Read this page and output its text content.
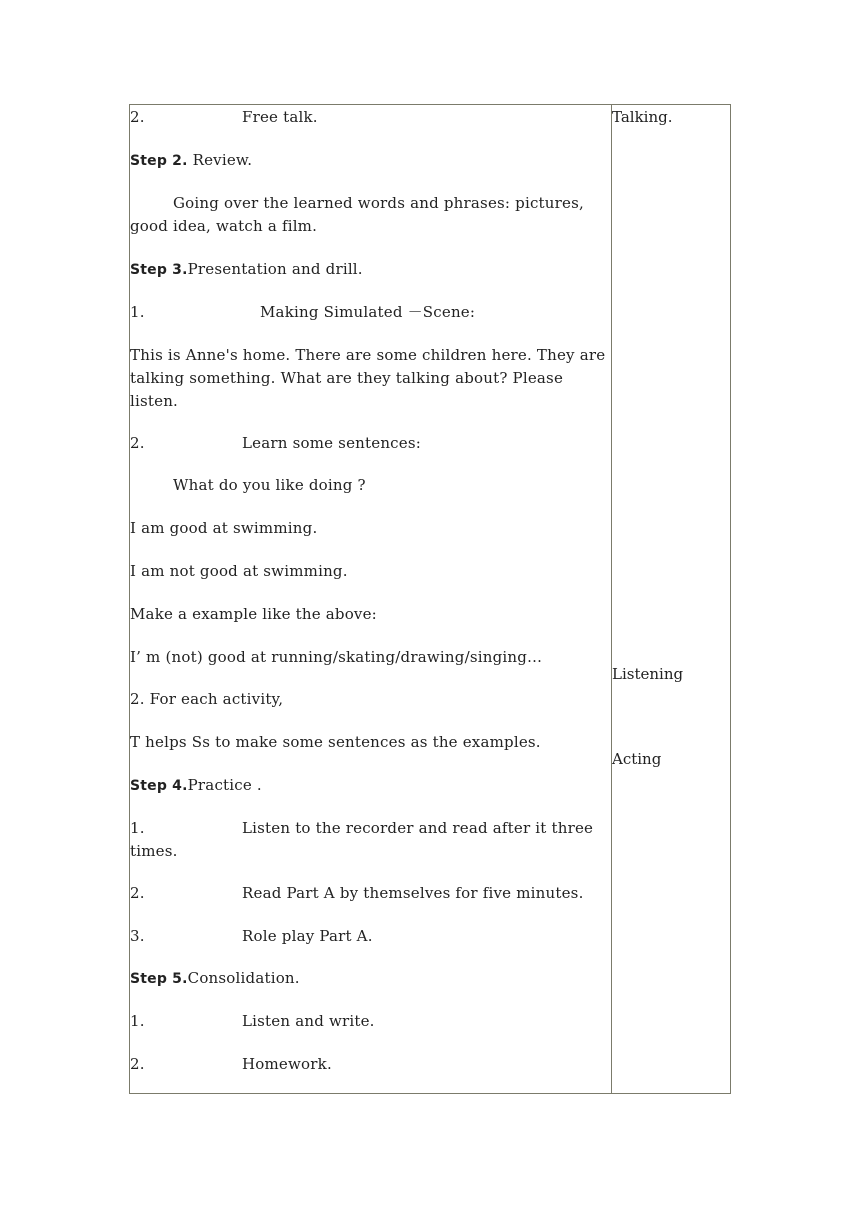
2.	Free talk.
Step 2. Review.
Going over the learned words and phrases: pictures, good idea, watch a film.
Step 3.Presentation and drill.
1.	Making Simulated －Scene:
This is Anne's home. There are some children here. They are talking something. What are they talking about? Please listen.
2.	Learn some sentences:
What do you like doing ?
I am good at swimming.
I am not good at swimming.
Make a example like the above:
I’ m (not) good at running/skating/drawing/singing…
2. For each activity,
T helps Ss to make some sentences as the examples.
Step 4.Practice .
1.	Listen to the recorder and read after it three times.
2.	Read Part A by themselves for five minutes.
3.	Role play Part A.
Step 5.Consolidation.
1.	Listen and write.
2.	Homework.
Talking.
Listening
Acting
